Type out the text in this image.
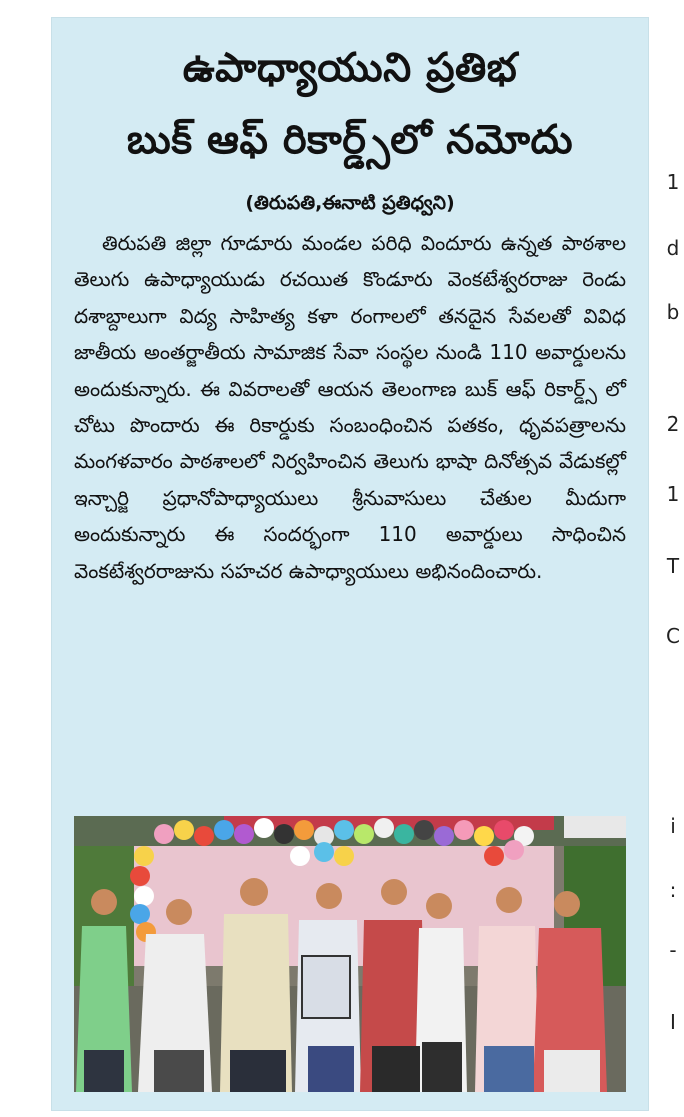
ఉపాధ్యాయుని ప్రతిభ
బుక్ ఆఫ్ రికార్డ్స్‌లో నమోదు
(తిరుపతి,ఈనాటి ప్రతిధ్వని)

తిరుపతి జిల్లా గూడూరు మండల పరిధి విందూరు ఉన్నత పాఠశాల తెలుగు ఉపాధ్యాయుడు రచయిత కొండూరు వెంకటేశ్వరరాజు రెండు దశాబ్దాలుగా విద్య సాహిత్య కళా రంగాలలో తనదైన సేవలతో వివిధ జాతీయ అంతర్జాతీయ సామాజిక సేవా సంస్థల నుండి 110 అవార్డులను అందుకున్నారు. ఈ వివరాలతో ఆయన తెలంగాణ బుక్ ఆఫ్ రికార్డ్స్ లో చోటు పొందారు ఈ రికార్డుకు సంబంధించిన పతకం, ధృవపత్రాలను మంగళవారం పాఠశాలలో నిర్వహించిన తెలుగు భాషా దినోత్సవ వేడుకల్లో ఇన్చార్జి ప్రధానోపాధ్యాయులు శ్రీనువాసులు చేతుల మీదుగా అందుకున్నారు ఈ సందర్భంగా 110 అవార్డులు సాధించిన వెంకటేశ్వరరాజును సహచర ఉపాధ్యాయులు అభినందించారు.

1
d
b
2
1
T
C
i
:
-
I
